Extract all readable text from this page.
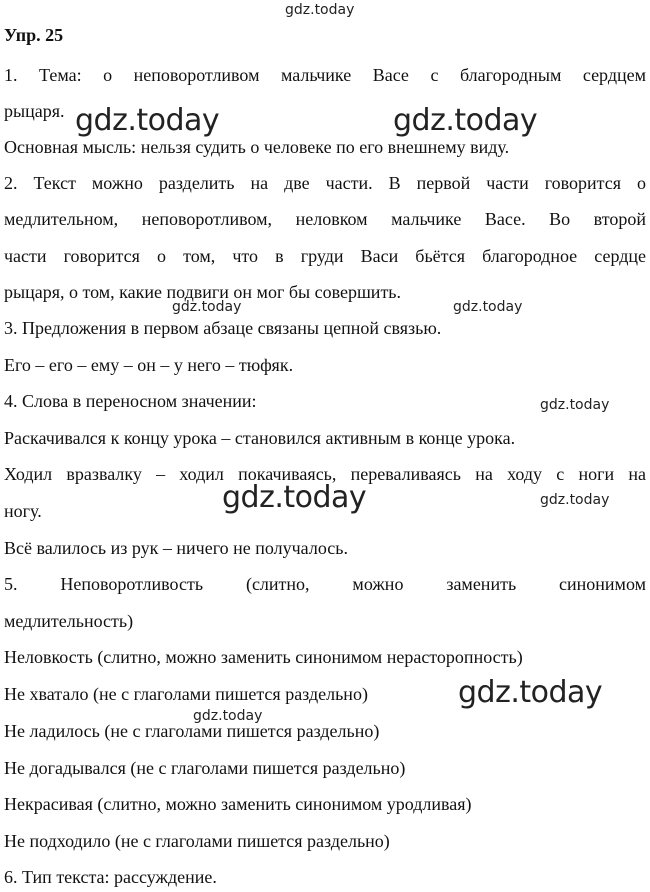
gdz.today
gdz.today	gdz.today
gdz.today	gdz.today
gdz.today
gdz.today	gdz.today
gdz.today
gdz.today
Упр. 25
1. Тема: о неповоротливом мальчике Васе с благородным сердцем
рыцаря.
Основная мысль: нельзя судить о человеке по его внешнему виду.
2. Текст можно разделить на две части. В первой части говорится о
медлительном, неповоротливом, неловком мальчике Васе. Во второй
части говорится о том, что в груди Васи бьётся благородное сердце
рыцаря, о том, какие подвиги он мог бы совершить.
3. Предложения в первом абзаце связаны цепной связью.
Его – его – ему – он – у него – тюфяк.
4. Слова в переносном значении:
Раскачивался к концу урока – становился активным в конце урока.
Ходил вразвалку – ходил покачиваясь, переваливаясь на ходу с ноги на
ногу.
Всё валилось из рук – ничего не получалось.
5. Неповоротливость (слитно, можно заменить синонимом
медлительность)
Неловкость (слитно, можно заменить синонимом нерасторопность)
Не хватало (не с глаголами пишется раздельно)
Не ладилось (не с глаголами пишется раздельно)
Не догадывался (не с глаголами пишется раздельно)
Некрасивая (слитно, можно заменить синонимом уродливая)
Не подходило (не с глаголами пишется раздельно)
6. Тип текста: рассуждение.
